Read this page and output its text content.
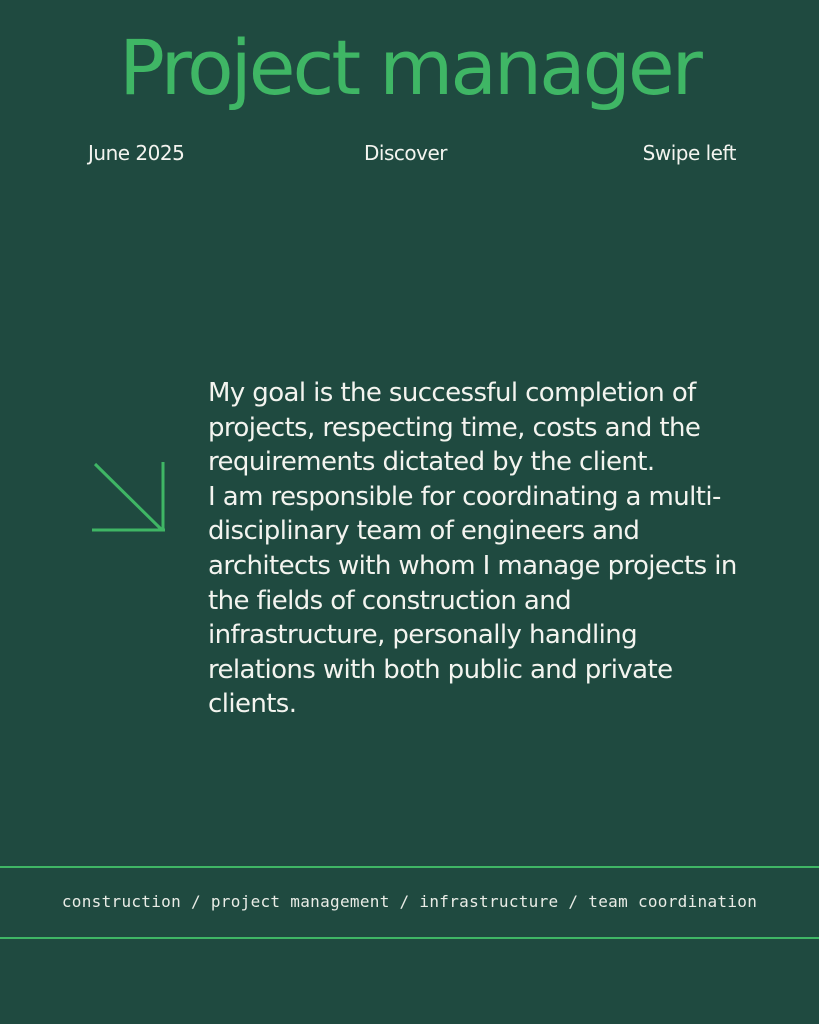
Project manager
June 2025	Discover	Swipe left

My goal is the successful completion of projects, respecting time, costs and the requirements dictated by the client.

I am responsible for coordinating a multi-disciplinary team of engineers and architects with whom I manage projects in the fields of construction and infrastructure, personally handling relations with both public and private clients.

construction / project management / infrastructure / team coordination
